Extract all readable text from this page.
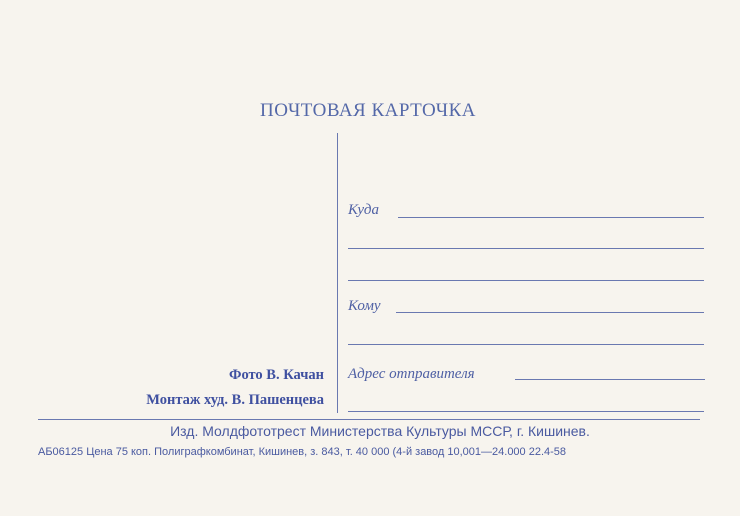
ПОЧТОВАЯ КАРТОЧКА
Куда
Кому
Адрес отправителя
Фото В. Качан
Монтаж худ. В. Пашенцева
Изд. Молдфототрест Министерства Культуры МССР, г. Кишинев.
АБ06125 Цена 75 коп. Полиграфкомбинат, Кишинев, з. 843, т. 40 000 (4-й завод 10,001—24.000 22.4-58
